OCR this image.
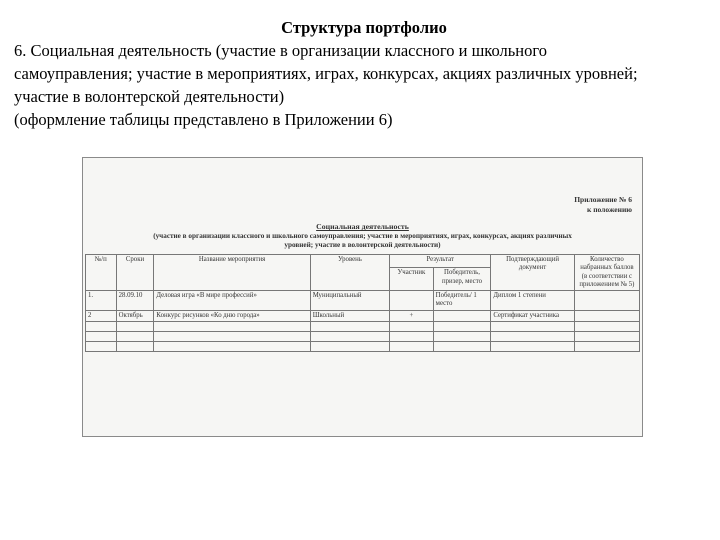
Структура портфолио

6. Социальная деятельность (участие в организации классного и школьного
самоуправления; участие в мероприятиях, играх, конкурсах, акциях различных уровней;
участие в волонтерской деятельности)
(оформление таблицы представлено в Приложении 6)

Приложение № 6
к положению
Социальная деятельность
(участие в организации классного и школьного самоуправления; участие в мероприятиях, играх, конкурсах, акциях различных
уровней; участие в волонтерской деятельности)
№/п	Сроки	Название мероприятия	Уровень	Результат		Подтверждающий документ	Количество набранных баллов (в соответствии с приложением № 5)
				Участник	Победитель, призер, место		
1.	28.09.10	Деловая игра «В мире профессий»	Муниципальный		Победитель/ 1 место	Диплом 1 степени	
2	Октябрь	Конкурс рисунков «Ко дню города»	Школьный	+		Сертификат участника	
